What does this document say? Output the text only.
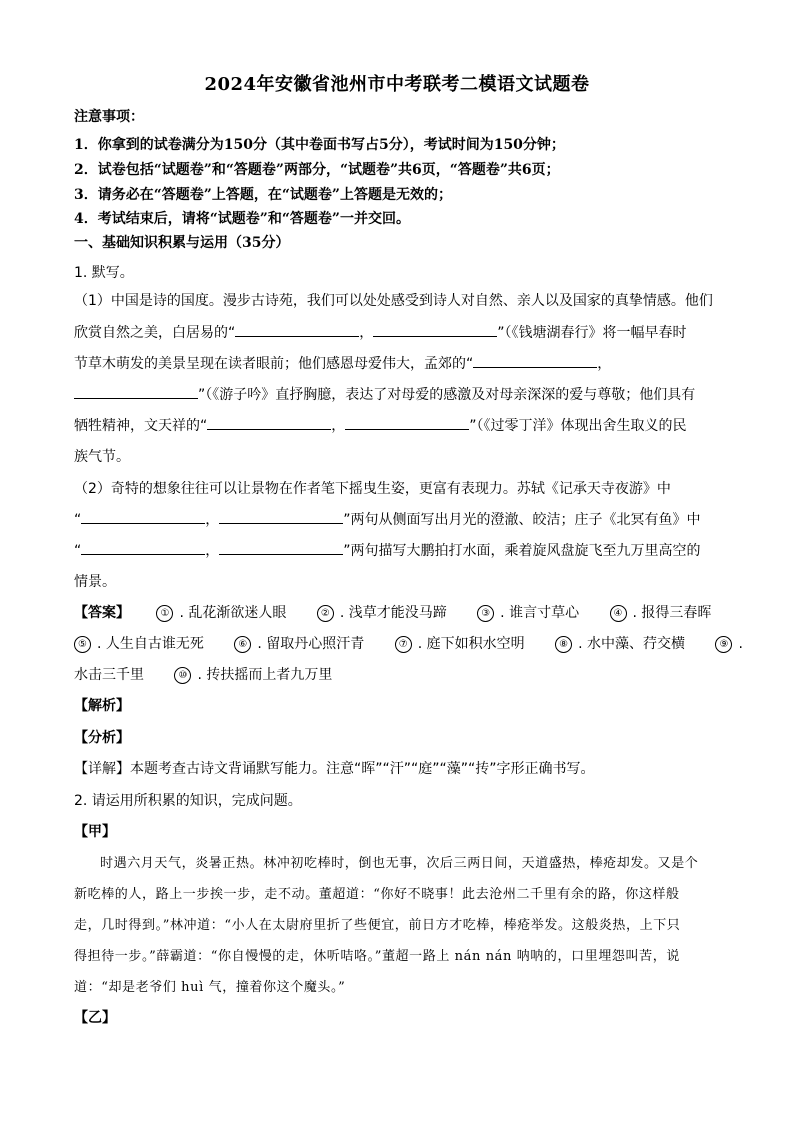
2024年安徽省池州市中考联考二模语文试题卷
注意事项：
1．你拿到的试卷满分为150分（其中卷面书写占5分），考试时间为150分钟；
2．试卷包括“试题卷”和“答题卷”两部分，“试题卷”共6页，“答题卷”共6页；
3．请务必在“答题卷”上答题，在“试题卷”上答题是无效的；
4．考试结束后，请将“试题卷”和“答题卷”一并交回。
一、基础知识积累与运用（35分）
1. 默写。
（1）中国是诗的国度。漫步古诗苑，我们可以处处感受到诗人对自然、亲人以及国家的真挚情感。他们
欣赏自然之美，白居易的“	，	”（《钱塘湖春行》将一幅早春时
节草木萌发的美景呈现在读者眼前；他们感恩母爱伟大，孟郊的“	，
”（《游子吟》直抒胸臆，表达了对母爱的感激及对母亲深深的爱与尊敬；他们具有
牺牲精神，文天祥的“	，	”（《过零丁洋》体现出舍生取义的民
族气节。
（2）奇特的想象往往可以让景物在作者笔下摇曳生姿，更富有表现力。苏轼《记承天寺夜游》中
“	，	”两句从侧面写出月光的澄澈、皎洁；庄子《北冥有鱼》中
“	，	”两句描写大鹏拍打水面，乘着旋风盘旋飞至九万里高空的
情景。
【答案】	① . 乱花渐欲迷人眼	② . 浅草才能没马蹄	③ . 谁言寸草心	④ . 报得三春晖
⑤ . 人生自古谁无死	⑥ . 留取丹心照汗青	⑦ . 庭下如积水空明	⑧ . 水中藻、荇交横	⑨ .
水击三千里	⑩ . 抟扶摇而上者九万里
【解析】
【分析】
【详解】本题考查古诗文背诵默写能力。注意“晖”“汗”“庭”“藻”“抟”字形正确书写。
2. 请运用所积累的知识，完成问题。
【甲】
时遇六月天气，炎暑正热。林冲初吃棒时，倒也无事，次后三两日间，天道盛热，棒疮却发。又是个
新吃棒的人，路上一步挨一步，走不动。董超道：“你好不晓事！此去沧州二千里有余的路，你这样般
走，几时得到。”林冲道：“小人在太尉府里折了些便宜，前日方才吃棒，棒疮举发。这般炎热，上下只
得担待一步。”薛霸道：“你自慢慢的走，休听咭咯。”董超一路上 nán nán 呐呐的，口里埋怨叫苦，说
道：“却是老爷们 huì 气，撞着你这个魔头。”
【乙】
